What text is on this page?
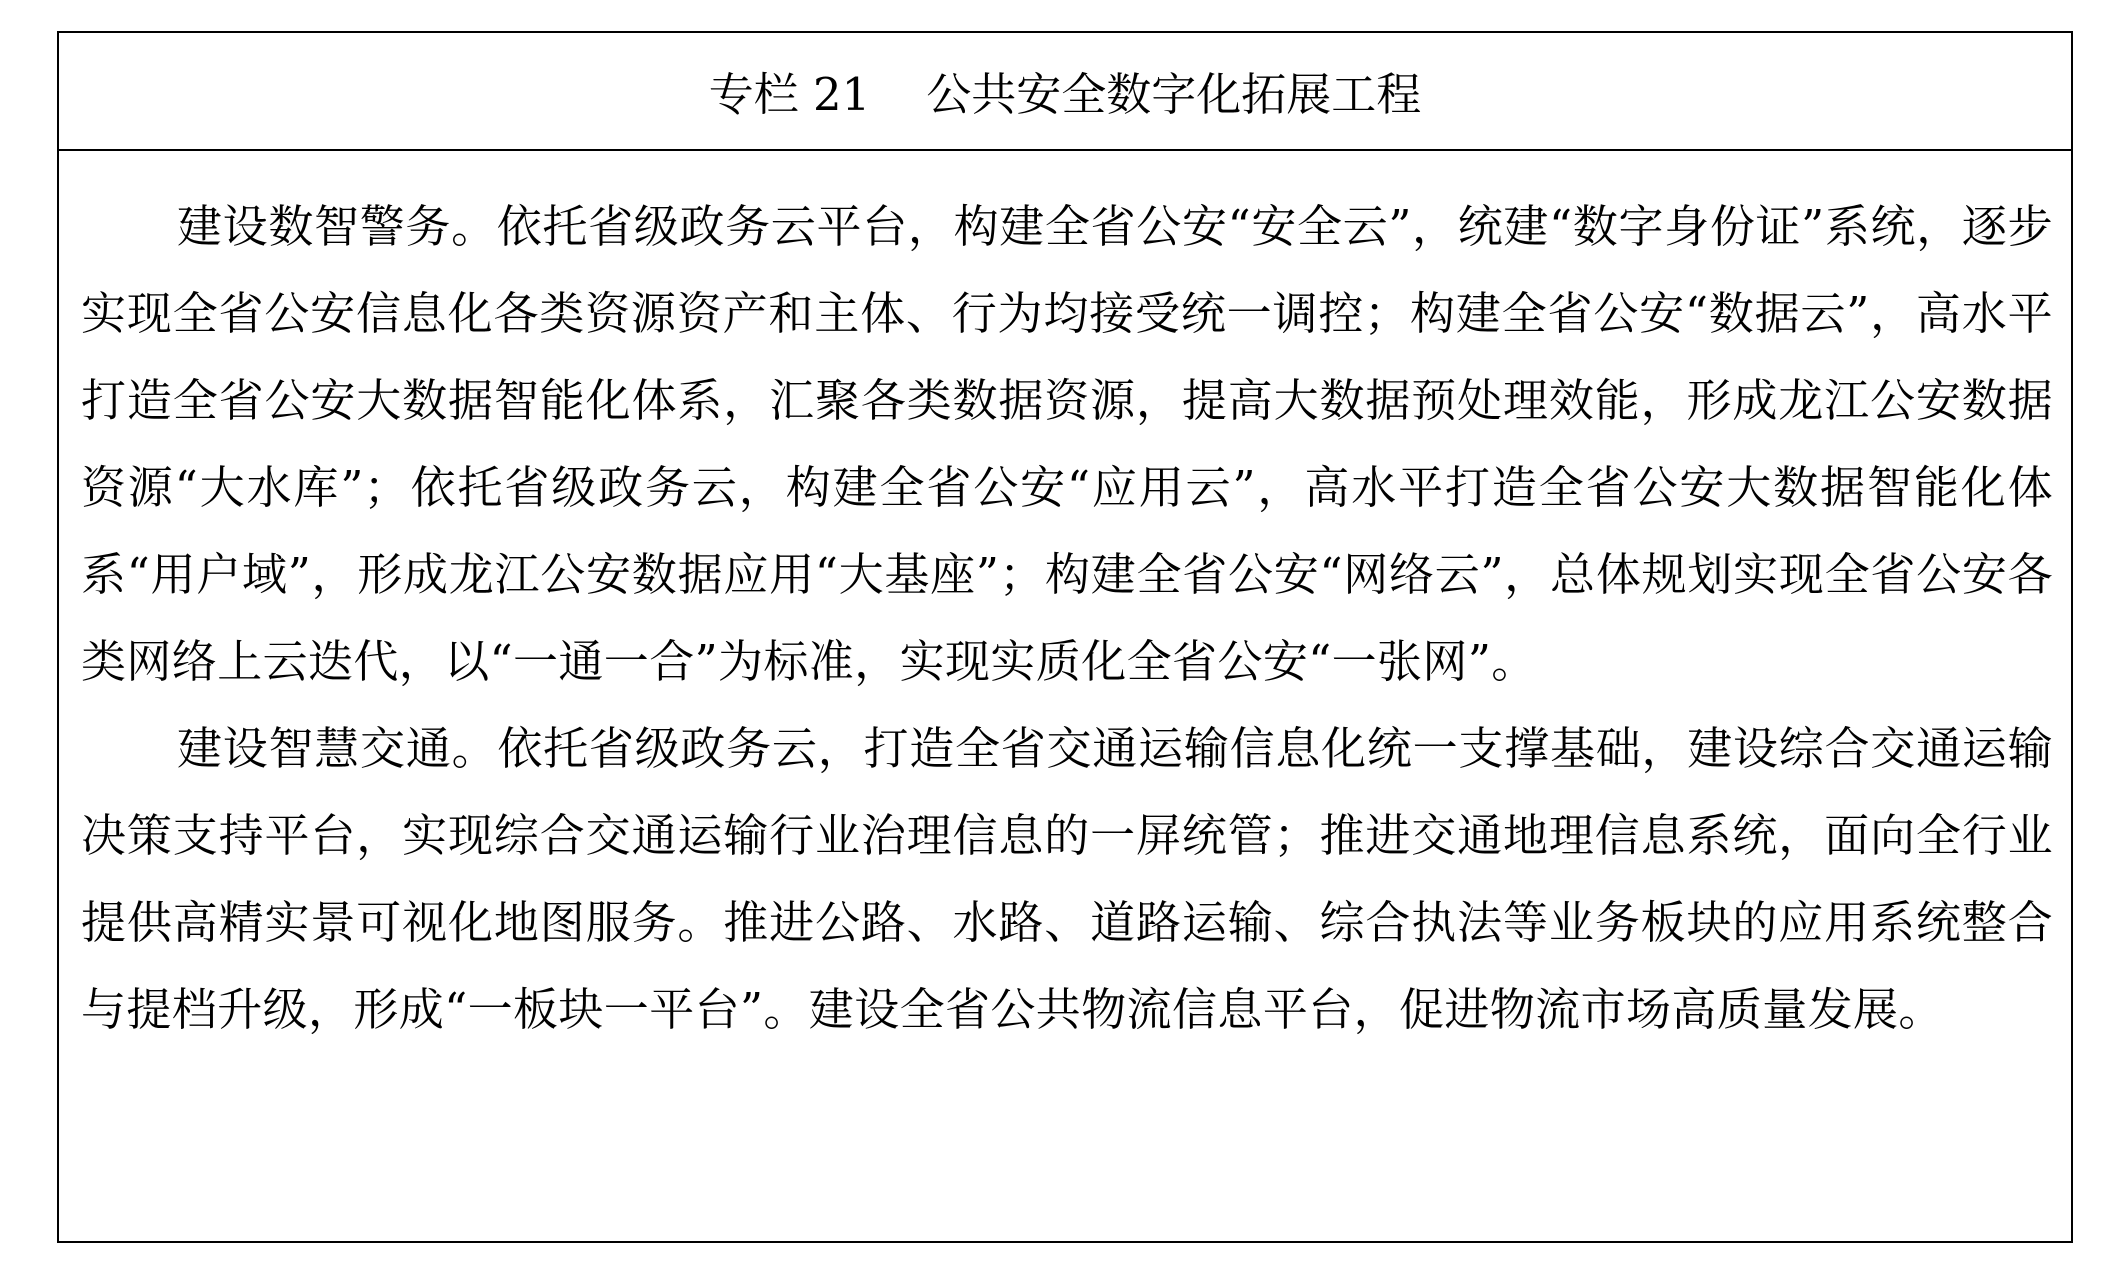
专栏 21 公共安全数字化拓展工程

建设数智警务。依托省级政务云平台，构建全省公安“安全云”，统建“数字身份证”系统，逐步实现全省公安信息化各类资源资产和主体、行为均接受统一调控；构建全省公安“数据云”，高水平打造全省公安大数据智能化体系，汇聚各类数据资源，提高大数据预处理效能，形成龙江公安数据资源“大水库”；依托省级政务云，构建全省公安“应用云”，高水平打造全省公安大数据智能化体系“用户域”，形成龙江公安数据应用“大基座”；构建全省公安“网络云”，总体规划实现全省公安各类网络上云迭代，以“一通一合”为标准，实现实质化全省公安“一张网”。

建设智慧交通。依托省级政务云，打造全省交通运输信息化统一支撑基础，建设综合交通运输决策支持平台，实现综合交通运输行业治理信息的一屏统管；推进交通地理信息系统，面向全行业提供高精实景可视化地图服务。推进公路、水路、道路运输、综合执法等业务板块的应用系统整合与提档升级，形成“一板块一平台”。建设全省公共物流信息平台，促进物流市场高质量发展。
